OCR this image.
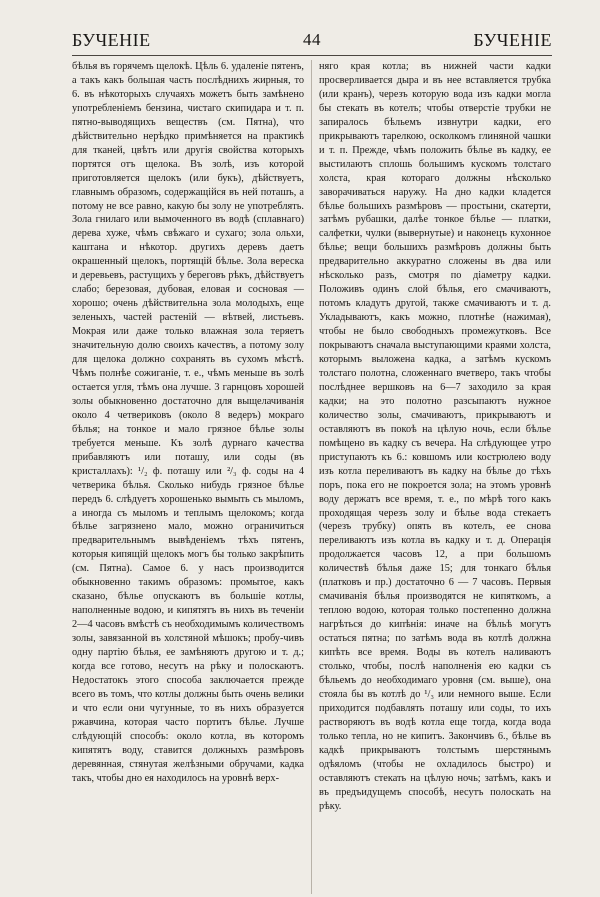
БУЧЕНІЕ	44	БУЧЕНІЕ

бѣлья въ горячемъ щелокѣ. Цѣль 6. удаленіе пятенъ, а такъ какъ большая часть послѣднихъ жирныя, то 6. въ нѣкоторыхъ случаяхъ можетъ быть замѣнено употребленіемъ бензина, чистаго скипидара и т. п. пятно-выводящихъ веществъ (см. Пятна), что дѣйствительно нерѣдко примѣняется на практикѣ для тканей, цвѣтъ или другія свойства которыхъ портятся отъ щелока. Въ золѣ, изъ которой приготовляется щелокъ (или букъ), дѣйствуетъ, главнымъ образомъ, содержащійся въ ней поташъ, а потому не все равно, какую бы золу не употреблять. Зола гнилаго или вымоченного въ водѣ (сплавнаго) дерева хуже, чѣмъ свѣжаго и сухаго; зола ольхи, каштана и нѣкотор. другихъ деревъ даетъ окрашенный щелокъ, портящій бѣлье. Зола вереска и деревьевъ, растущихъ у береговъ рѣкъ, дѣйствуетъ слабо; березовая, дубовая, еловая и сосновая — хорошо; очень дѣйствительна зола молодыхъ, еще зеленыхъ, частей растеній — вѣтвей, листьевъ. Мокрая или даже только влажная зола теряетъ значительную долю своихъ качествъ, а потому золу для щелока должно сохранять въ сухомъ мѣстѣ. Чѣмъ полнѣе сожиганіе, т. е., чѣмъ меньше въ золѣ остается угля, тѣмъ она лучше. 3 гарнцовъ хорошей золы обыкновенно достаточно для выщелачиванія около 4 четвериковъ (около 8 ведеръ) мокраго бѣлья; на тонкое и мало грязное бѣлье золы требуется меньше. Къ золѣ дурнаго качества прибавляютъ или поташу, или соды (въ кристаллахъ): ¹/₂ ф. поташу или ²/₃ ф. соды на 4 четверика бѣлья. Сколько нибудь грязное бѣлье передъ 6. слѣдуетъ хорошенько вымыть съ мыломъ, а иногда съ мыломъ и теплымъ щелокомъ; когда бѣлье загрязнено мало, можно ограничиться предварительнымъ вывѣденіемъ тѣхъ пятенъ, которыя кипящій щелокъ могъ бы только закрѣпить (см. Пятна). Самое 6. у насъ производится обыкновенно такимъ образомъ: промытое, какъ сказано, бѣлье опускаютъ въ большіе котлы, наполненные водою, и кипятятъ въ нихъ въ теченіи 2—4 часовъ вмѣстѣ съ необходимымъ количествомъ золы, завязанной въ холстяной мѣшокъ; пробу-чивъ одну партію бѣлья, ее замѣняютъ другою и т. д.; когда все готово, несутъ на рѣку и полоскаютъ. Недостатокъ этого способа заключается прежде всего въ томъ, что котлы должны быть очень велики и что если они чугунные, то въ нихъ образуется ржавчина, которая часто портитъ бѣлье. Лучше слѣдующій способъ: около котла, въ которомъ кипятятъ воду, ставится должныхъ размѣровъ деревянная, стянутая желѣзными обручами, кадка такъ, чтобы дно ея находилось на уровнѣ верх-

няго края котла; въ нижней части кадки просверливается дыра и въ нее вставляется трубка (или кранъ), черезъ которую вода изъ кадки могла бы стекать въ котелъ; чтобы отверстіе трубки не запиралось бѣльемъ извнутри кадки, его прикрываютъ тарелкою, осколкомъ глиняной чашки и т. п. Прежде, чѣмъ положить бѣлье въ кадку, ее выстилаютъ сплошь большимъ кускомъ толстаго холста, края котораго должны нѣсколько заворачиваться наружу. На дно кадки кладется бѣлье большихъ размѣровъ — простыни, скатерти, затѣмъ рубашки, далѣе тонкое бѣлье — платки, салфетки, чулки (вывернутые) и наконецъ кухонное бѣлье; вещи большихъ размѣровъ должны быть предварительно аккуратно сложены въ два или нѣсколько разъ, смотря по діаметру кадки. Положивъ одинъ слой бѣлья, его смачиваютъ, потомъ кладутъ другой, также смачиваютъ и т. д. Укладываютъ, какъ можно, плотнѣе (нажимая), чтобы не было свободныхъ промежутковъ. Все покрываютъ сначала выступающими краями холста, которымъ выложена кадка, а затѣмъ кускомъ толстаго полотна, сложеннаго вчетверо, такъ чтобы послѣднее вершковъ на 6—7 заходило за края кадки; на это полотно разсыпаютъ нужное количество золы, смачиваютъ, прикрываютъ и оставляютъ въ покоѣ на цѣлую ночь, если бѣлье помѣщено въ кадку съ вечера. На слѣдующее утро приступаютъ къ 6.: ковшомъ или кострюлею воду изъ котла переливаютъ въ кадку на бѣлье до тѣхъ поръ, пока его не покроется зола; на этомъ уровнѣ воду держатъ все время, т. е., по мѣрѣ того какъ проходящая черезъ золу и бѣлье вода стекаетъ (черезъ трубку) опять въ котелъ, ее снова переливаютъ изъ котла въ кадку и т. д. Операція продолжается часовъ 12, а при большомъ количествѣ бѣлья даже 15; для тонкаго бѣлья (платковъ и пр.) достаточно 6 — 7 часовъ. Первыя смачиванія бѣлья производятся не кипяткомъ, а теплою водою, которая только постепенно должна нагрѣться до кипѣнія: иначе на бѣльѣ могутъ остаться пятна; по затѣмъ вода въ котлѣ должна кипѣть все время. Воды въ котелъ наливаютъ столько, чтобы, послѣ наполненія ею кадки съ бѣльемъ до необходимаго уровня (см. выше), она стояла бы въ котлѣ до ¹/₃ или немного выше. Если приходится подбавлять поташу или соды, то ихъ растворяютъ въ водѣ котла еще тогда, когда вода только тепла, но не кипитъ. Закончивъ 6., бѣлье въ кадкѣ прикрываютъ толстымъ шерстянымъ одѣяломъ (чтобы не охладилось быстро) и оставляютъ стекать на цѣлую ночь; затѣмъ, какъ и въ предъидущемъ способѣ, несутъ полоскать на рѣку.
